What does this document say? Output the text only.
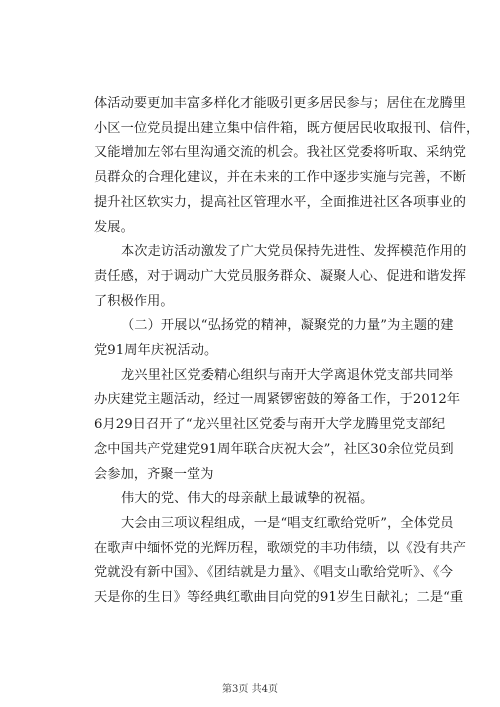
体活动要更加丰富多样化才能吸引更多居民参与；居住在龙腾里
小区一位党员提出建立集中信件箱，既方便居民收取报刊、信件，
又能增加左邻右里沟通交流的机会。我社区党委将听取、采纳党
员群众的合理化建议，并在未来的工作中逐步实施与完善，不断
提升社区软实力，提高社区管理水平，全面推进社区各项事业的
发展。
本次走访活动激发了广大党员保持先进性、发挥模范作用的
责任感，对于调动广大党员服务群众、凝聚人心、促进和谐发挥
了积极作用。
（二）开展以“弘扬党的精神，凝聚党的力量”为主题的建
党91周年庆祝活动。
龙兴里社区党委精心组织与南开大学离退休党支部共同举
办庆建党主题活动，经过一周紧锣密鼓的筹备工作，于2012年
6月29日召开了“龙兴里社区党委与南开大学龙腾里党支部纪
念中国共产党建党91周年联合庆祝大会”，社区30余位党员到
会参加，齐聚一堂为
伟大的党、伟大的母亲献上最诚挚的祝福。
大会由三项议程组成，一是“唱支红歌给党听”，全体党员
在歌声中缅怀党的光辉历程，歌颂党的丰功伟绩，以《没有共产
党就没有新中国》、《团结就是力量》、《唱支山歌给党听》、《今
天是你的生日》等经典红歌曲目向党的91岁生日献礼；二是“重
第3页 共4页
